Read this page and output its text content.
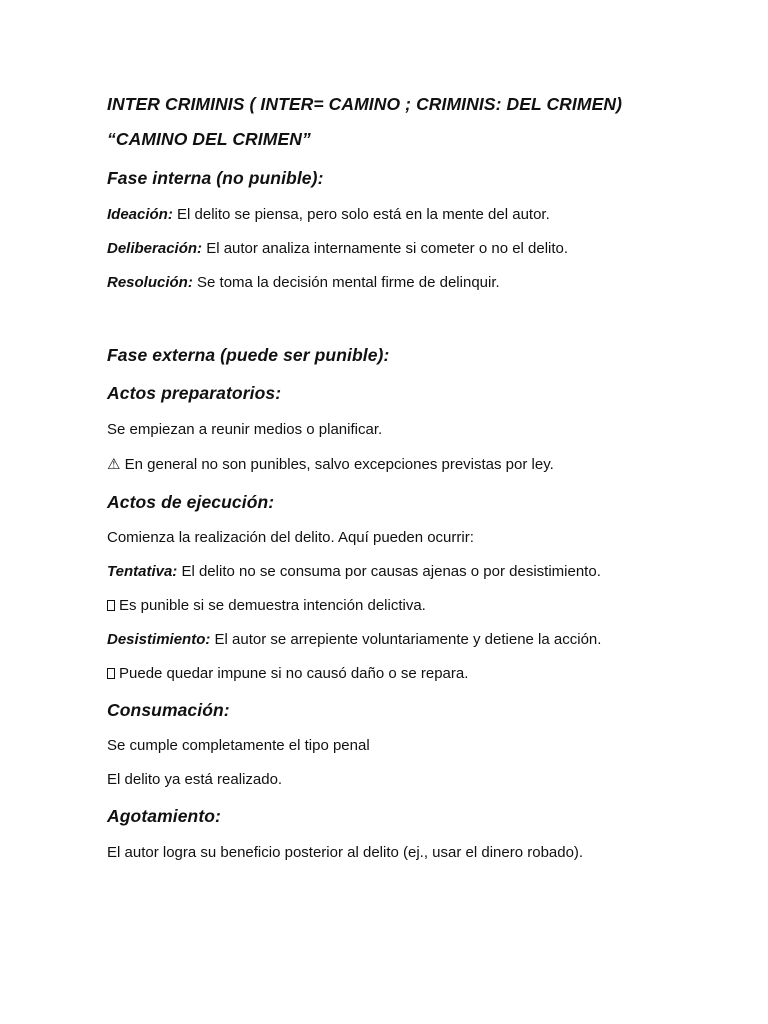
INTER CRIMINIS ( INTER= CAMINO ; CRIMINIS: DEL CRIMEN)
“CAMINO DEL CRIMEN”
Fase interna (no punible):
Ideación: El delito se piensa, pero solo está en la mente del autor.
Deliberación: El autor analiza internamente si cometer o no el delito.
Resolución: Se toma la decisión mental firme de delinquir.
Fase externa (puede ser punible):
Actos preparatorios:
Se empiezan a reunir medios o planificar.
⚠ En general no son punibles, salvo excepciones previstas por ley.
Actos de ejecución:
Comienza la realización del delito. Aquí pueden ocurrir:
Tentativa: El delito no se consuma por causas ajenas o por desistimiento.
Es punible si se demuestra intención delictiva.
Desistimiento: El autor se arrepiente voluntariamente y detiene la acción.
Puede quedar impune si no causó daño o se repara.
Consumación:
Se cumple completamente el tipo penal
El delito ya está realizado.
Agotamiento:
El autor logra su beneficio posterior al delito (ej., usar el dinero robado).
